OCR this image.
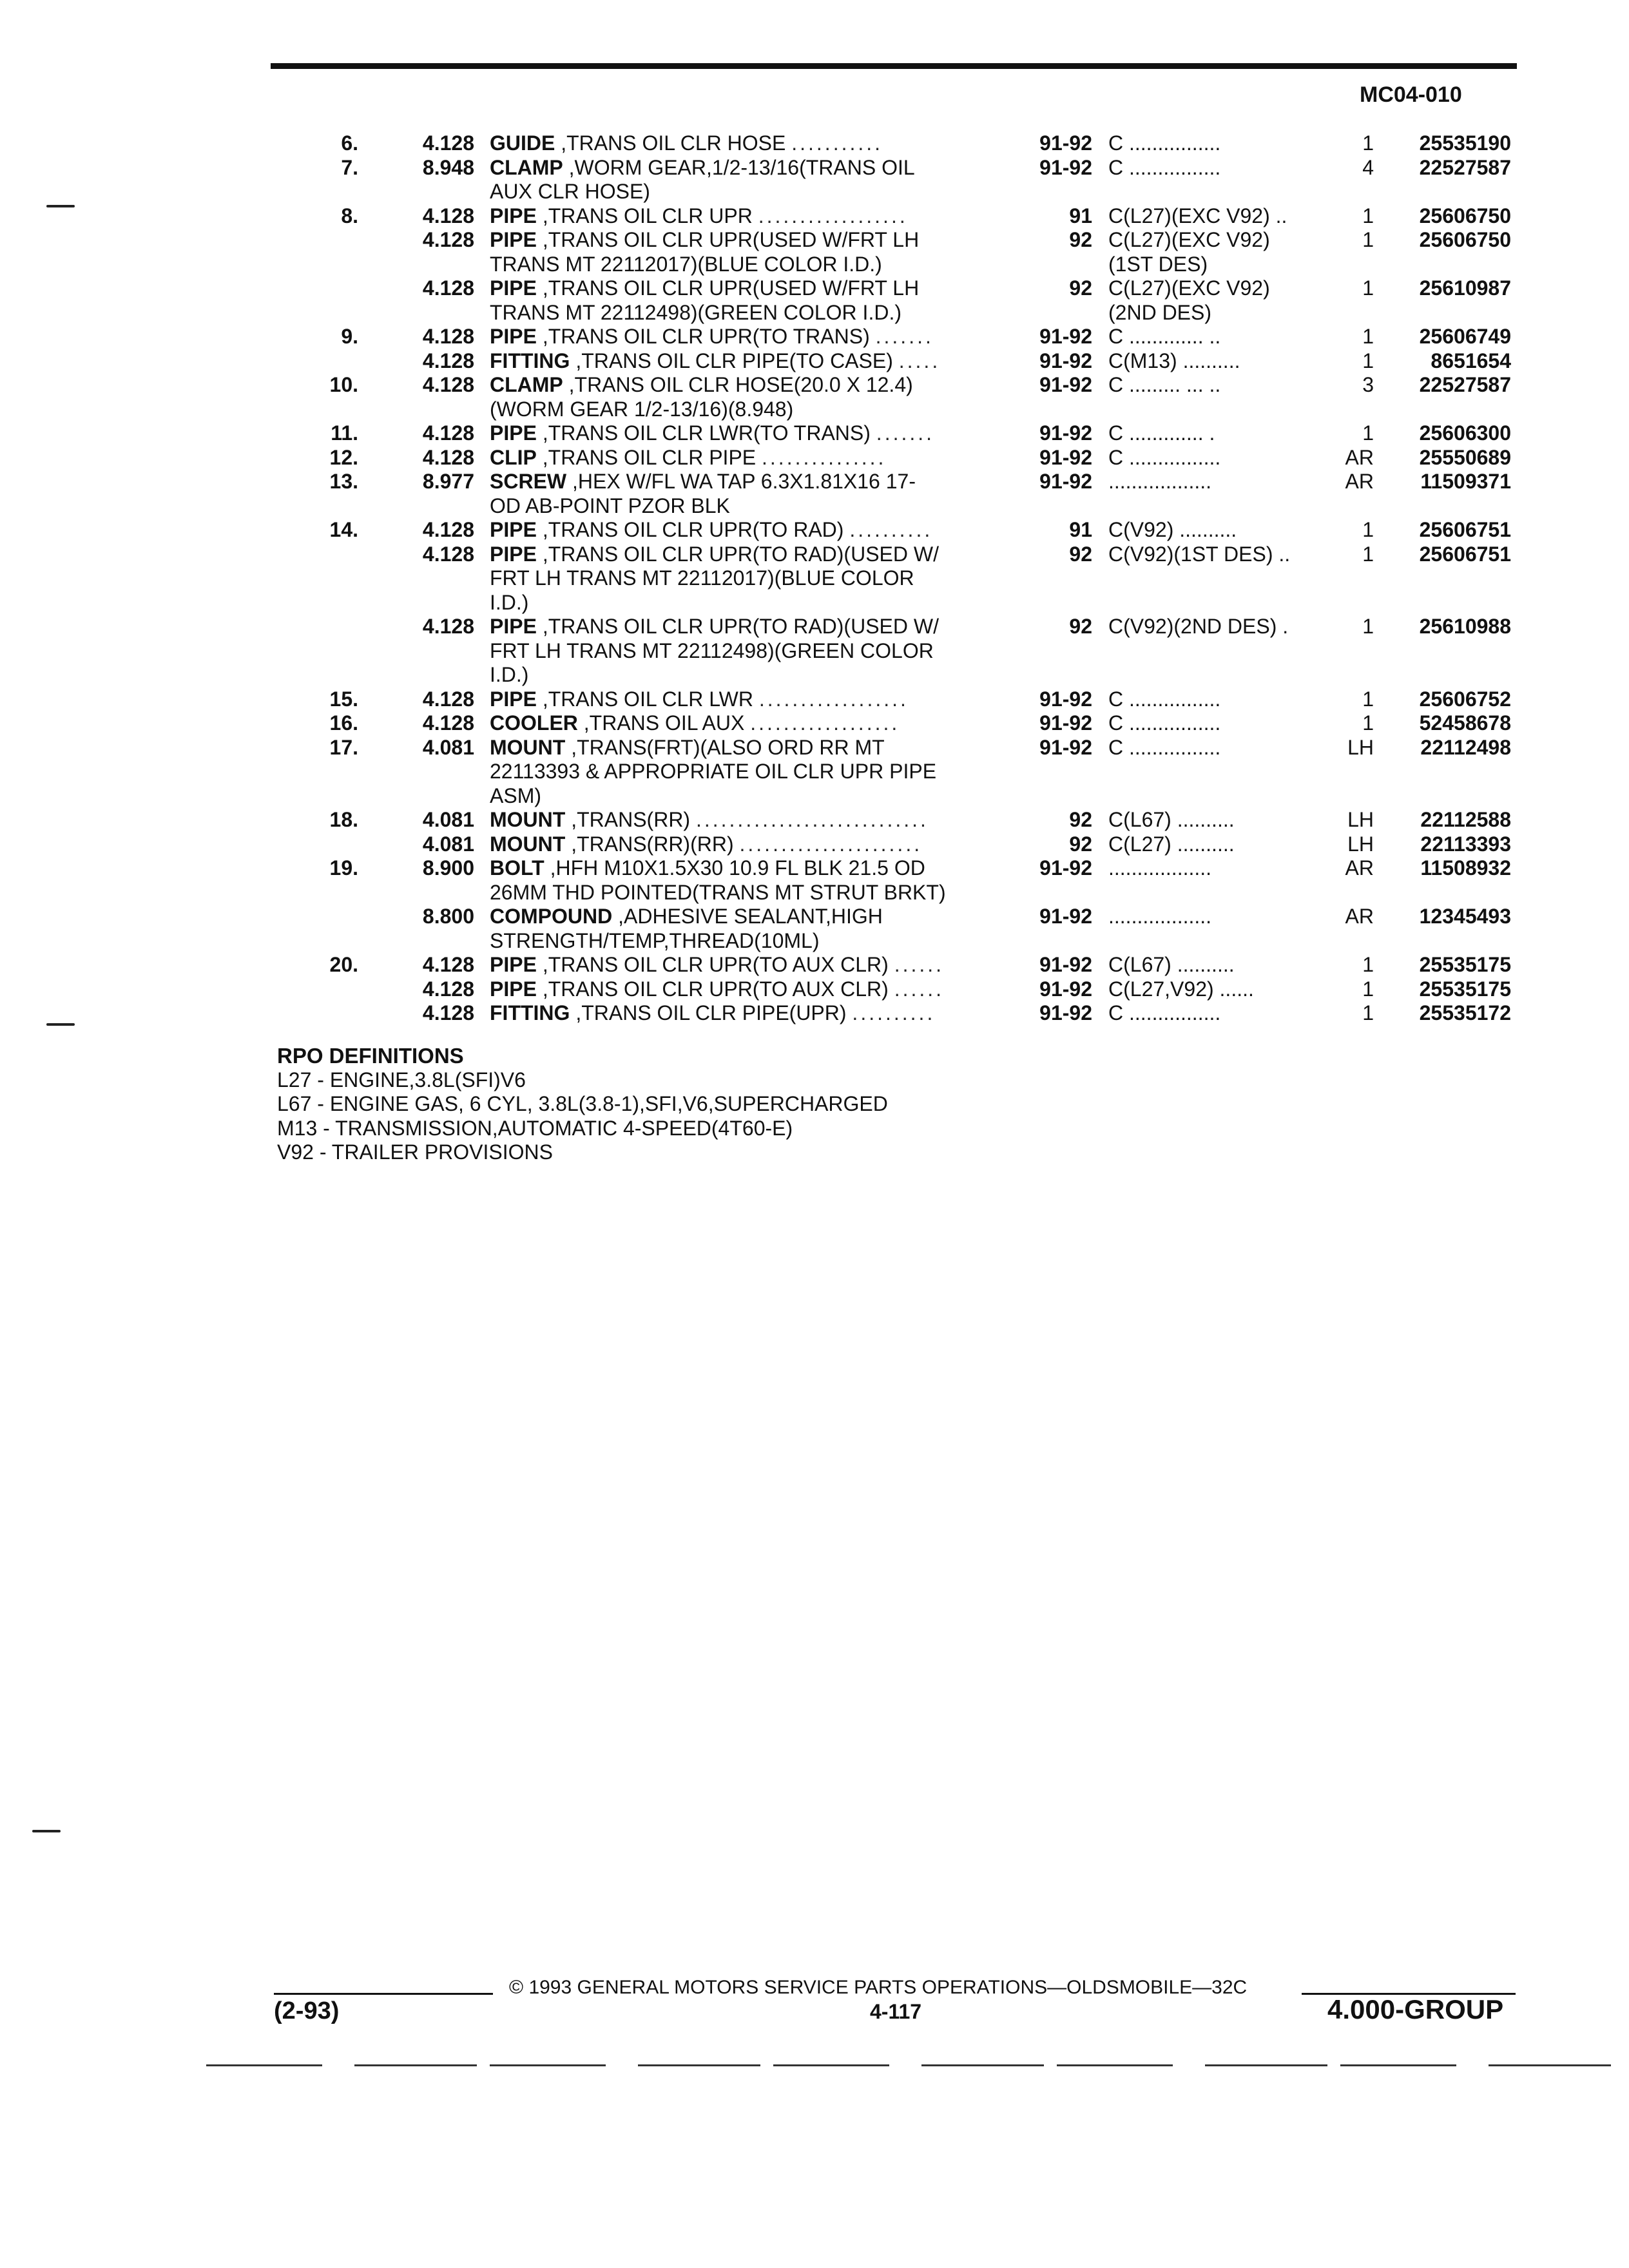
MC04-010
6.	4.128 GUIDE ,TRANS OIL CLR HOSE ...........	91-92 C ................	1	25535190
7.	8.948 CLAMP ,WORM GEAR,1/2-13/16(TRANS OIL	91-92 C ................	4	22527587
AUX CLR HOSE)
8.	4.128 PIPE ,TRANS OIL CLR UPR ..................	91 C(L27)(EXC V92) ..	1	25606750
4.128 PIPE ,TRANS OIL CLR UPR(USED W/FRT LH	92 C(L27)(EXC V92)	1	25606750
TRANS MT 22112017)(BLUE COLOR I.D.)	(1ST DES)
4.128 PIPE ,TRANS OIL CLR UPR(USED W/FRT LH	92 C(L27)(EXC V92)	1	25610987
TRANS MT 22112498)(GREEN COLOR I.D.)	(2ND DES)
9.	4.128 PIPE ,TRANS OIL CLR UPR(TO TRANS) .......	91-92 C ............. ..	1	25606749
4.128 FITTING ,TRANS OIL CLR PIPE(TO CASE) .....	91-92 C(M13) ..........	1	8651654
10.	4.128 CLAMP ,TRANS OIL CLR HOSE(20.0 X 12.4)	91-92 C ......... ... ..	3	22527587
(WORM GEAR 1/2-13/16)(8.948)
11.	4.128 PIPE ,TRANS OIL CLR LWR(TO TRANS) .......	91-92 C ............. .	1	25606300
12.	4.128 CLIP ,TRANS OIL CLR PIPE ...............	91-92 C ................	AR	25550689
13.	8.977 SCREW ,HEX W/FL WA TAP 6.3X1.81X16 17-	91-92 ..................	AR	11509371
OD AB-POINT PZOR BLK
14.	4.128 PIPE ,TRANS OIL CLR UPR(TO RAD) ..........	91 C(V92) ..........	1	25606751
4.128 PIPE ,TRANS OIL CLR UPR(TO RAD)(USED W/	92 C(V92)(1ST DES) ..	1	25606751
FRT LH TRANS MT 22112017)(BLUE COLOR
I.D.)
4.128 PIPE ,TRANS OIL CLR UPR(TO RAD)(USED W/	92 C(V92)(2ND DES) .	1	25610988
FRT LH TRANS MT 22112498)(GREEN COLOR
I.D.)
15.	4.128 PIPE ,TRANS OIL CLR LWR ..................	91-92 C ................	1	25606752
16.	4.128 COOLER ,TRANS OIL AUX ..................	91-92 C ................	1	52458678
17.	4.081 MOUNT ,TRANS(FRT)(ALSO ORD RR MT	91-92 C ................	LH	22112498
22113393 & APPROPRIATE OIL CLR UPR PIPE
ASM)
18.	4.081 MOUNT ,TRANS(RR) ............................	92 C(L67) ..........	LH	22112588
4.081 MOUNT ,TRANS(RR)(RR) ......................	92 C(L27) ..........	LH	22113393
19.	8.900 BOLT ,HFH M10X1.5X30 10.9 FL BLK 21.5 OD	91-92 ..................	AR	11508932
26MM THD POINTED(TRANS MT STRUT BRKT)
8.800 COMPOUND ,ADHESIVE SEALANT,HIGH	91-92 ..................	AR	12345493
STRENGTH/TEMP,THREAD(10ML)
20.	4.128 PIPE ,TRANS OIL CLR UPR(TO AUX CLR) ......	91-92 C(L67) ..........	1	25535175
4.128 PIPE ,TRANS OIL CLR UPR(TO AUX CLR) ......	91-92 C(L27,V92) ......	1	25535175
4.128 FITTING ,TRANS OIL CLR PIPE(UPR) ..........	91-92 C ................	1	25535172
RPO DEFINITIONS
L27 - ENGINE,3.8L(SFI)V6
L67 - ENGINE GAS, 6 CYL, 3.8L(3.8-1),SFI,V6,SUPERCHARGED
M13 - TRANSMISSION,AUTOMATIC 4-SPEED(4T60-E)
V92 - TRAILER PROVISIONS
© 1993 GENERAL MOTORS SERVICE PARTS OPERATIONS—OLDSMOBILE—32C
(2-93)	4-117	4.000-GROUP
